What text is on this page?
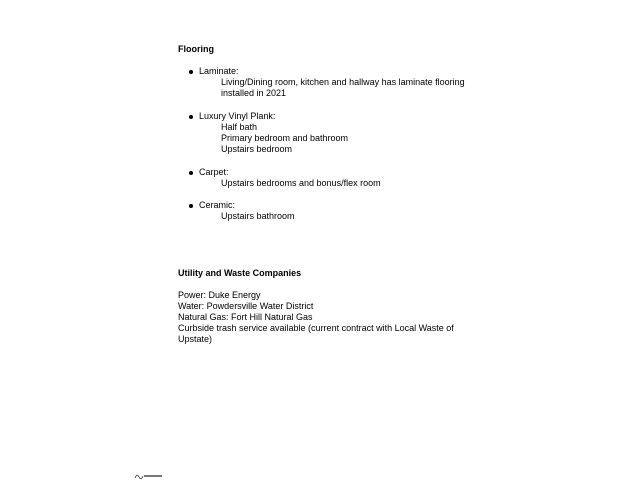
Flooring
Laminate:
Living/Dining room, kitchen and hallway has laminate flooring
installed in 2021
Luxury Vinyl Plank:
Half bath
Primary bedroom and bathroom
Upstairs bedroom
Carpet:
Upstairs bedrooms and bonus/flex room
Ceramic:
Upstairs bathroom
Utility and Waste Companies
Power: Duke Energy
Water: Powdersville Water District
Natural Gas: Fort Hill Natural Gas
Curbside trash service available (current contract with Local Waste of
Upstate)
